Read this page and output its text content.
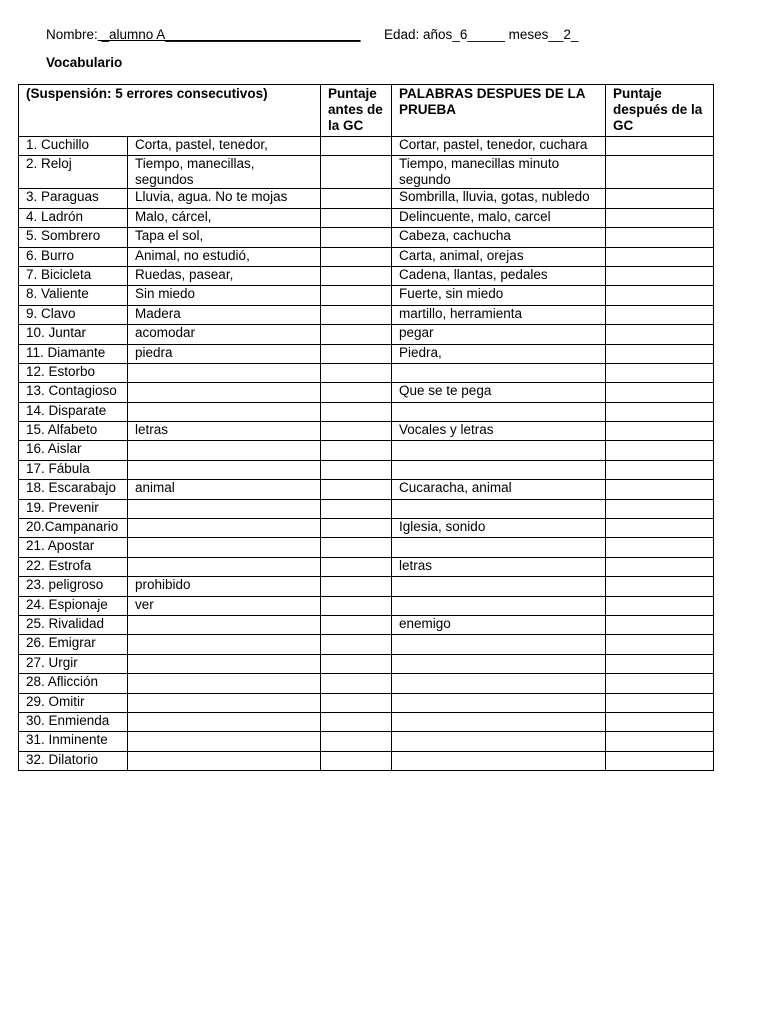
Nombre: _alumno A__________________________ Edad: años_6_____ meses__2_
Vocabulario
(Suspensión: 5 errores consecutivos)		Puntaje antes de la GC	PALABRAS DESPUES DE LA PRUEBA	Puntaje después de la GC
1. Cuchillo	Corta, pastel, tenedor,		Cortar, pastel, tenedor, cuchara	
2. Reloj	Tiempo, manecillas, segundos		Tiempo, manecillas minuto segundo	
3. Paraguas	Lluvia, agua. No te mojas		Sombrilla, lluvia, gotas, nubledo	
4. Ladrón	Malo, cárcel,		Delincuente, malo, carcel	
5. Sombrero	Tapa el sol,		Cabeza, cachucha	
6. Burro	Animal, no estudió,		Carta, animal, orejas	
7. Bicicleta	Ruedas, pasear,		Cadena, llantas, pedales	
8. Valiente	Sin miedo		Fuerte, sin miedo	
9. Clavo	Madera		martillo, herramienta	
10. Juntar	acomodar		pegar	
11. Diamante	piedra		Piedra,	
12. Estorbo				
13. Contagioso			Que se te pega	
14. Disparate				
15. Alfabeto	letras		Vocales y letras	
16. Aislar				
17. Fábula				
18. Escarabajo	animal		Cucaracha, animal	
19. Prevenir				
20.Campanario			Iglesia, sonido	
21. Apostar				
22. Estrofa			letras	
23. peligroso	prohibido			
24. Espionaje	ver			
25. Rivalidad			enemigo	
26. Emigrar				
27. Urgir				
28. Aflicción				
29. Omitir				
30. Enmienda				
31. Inminente				
32. Dilatorio				
